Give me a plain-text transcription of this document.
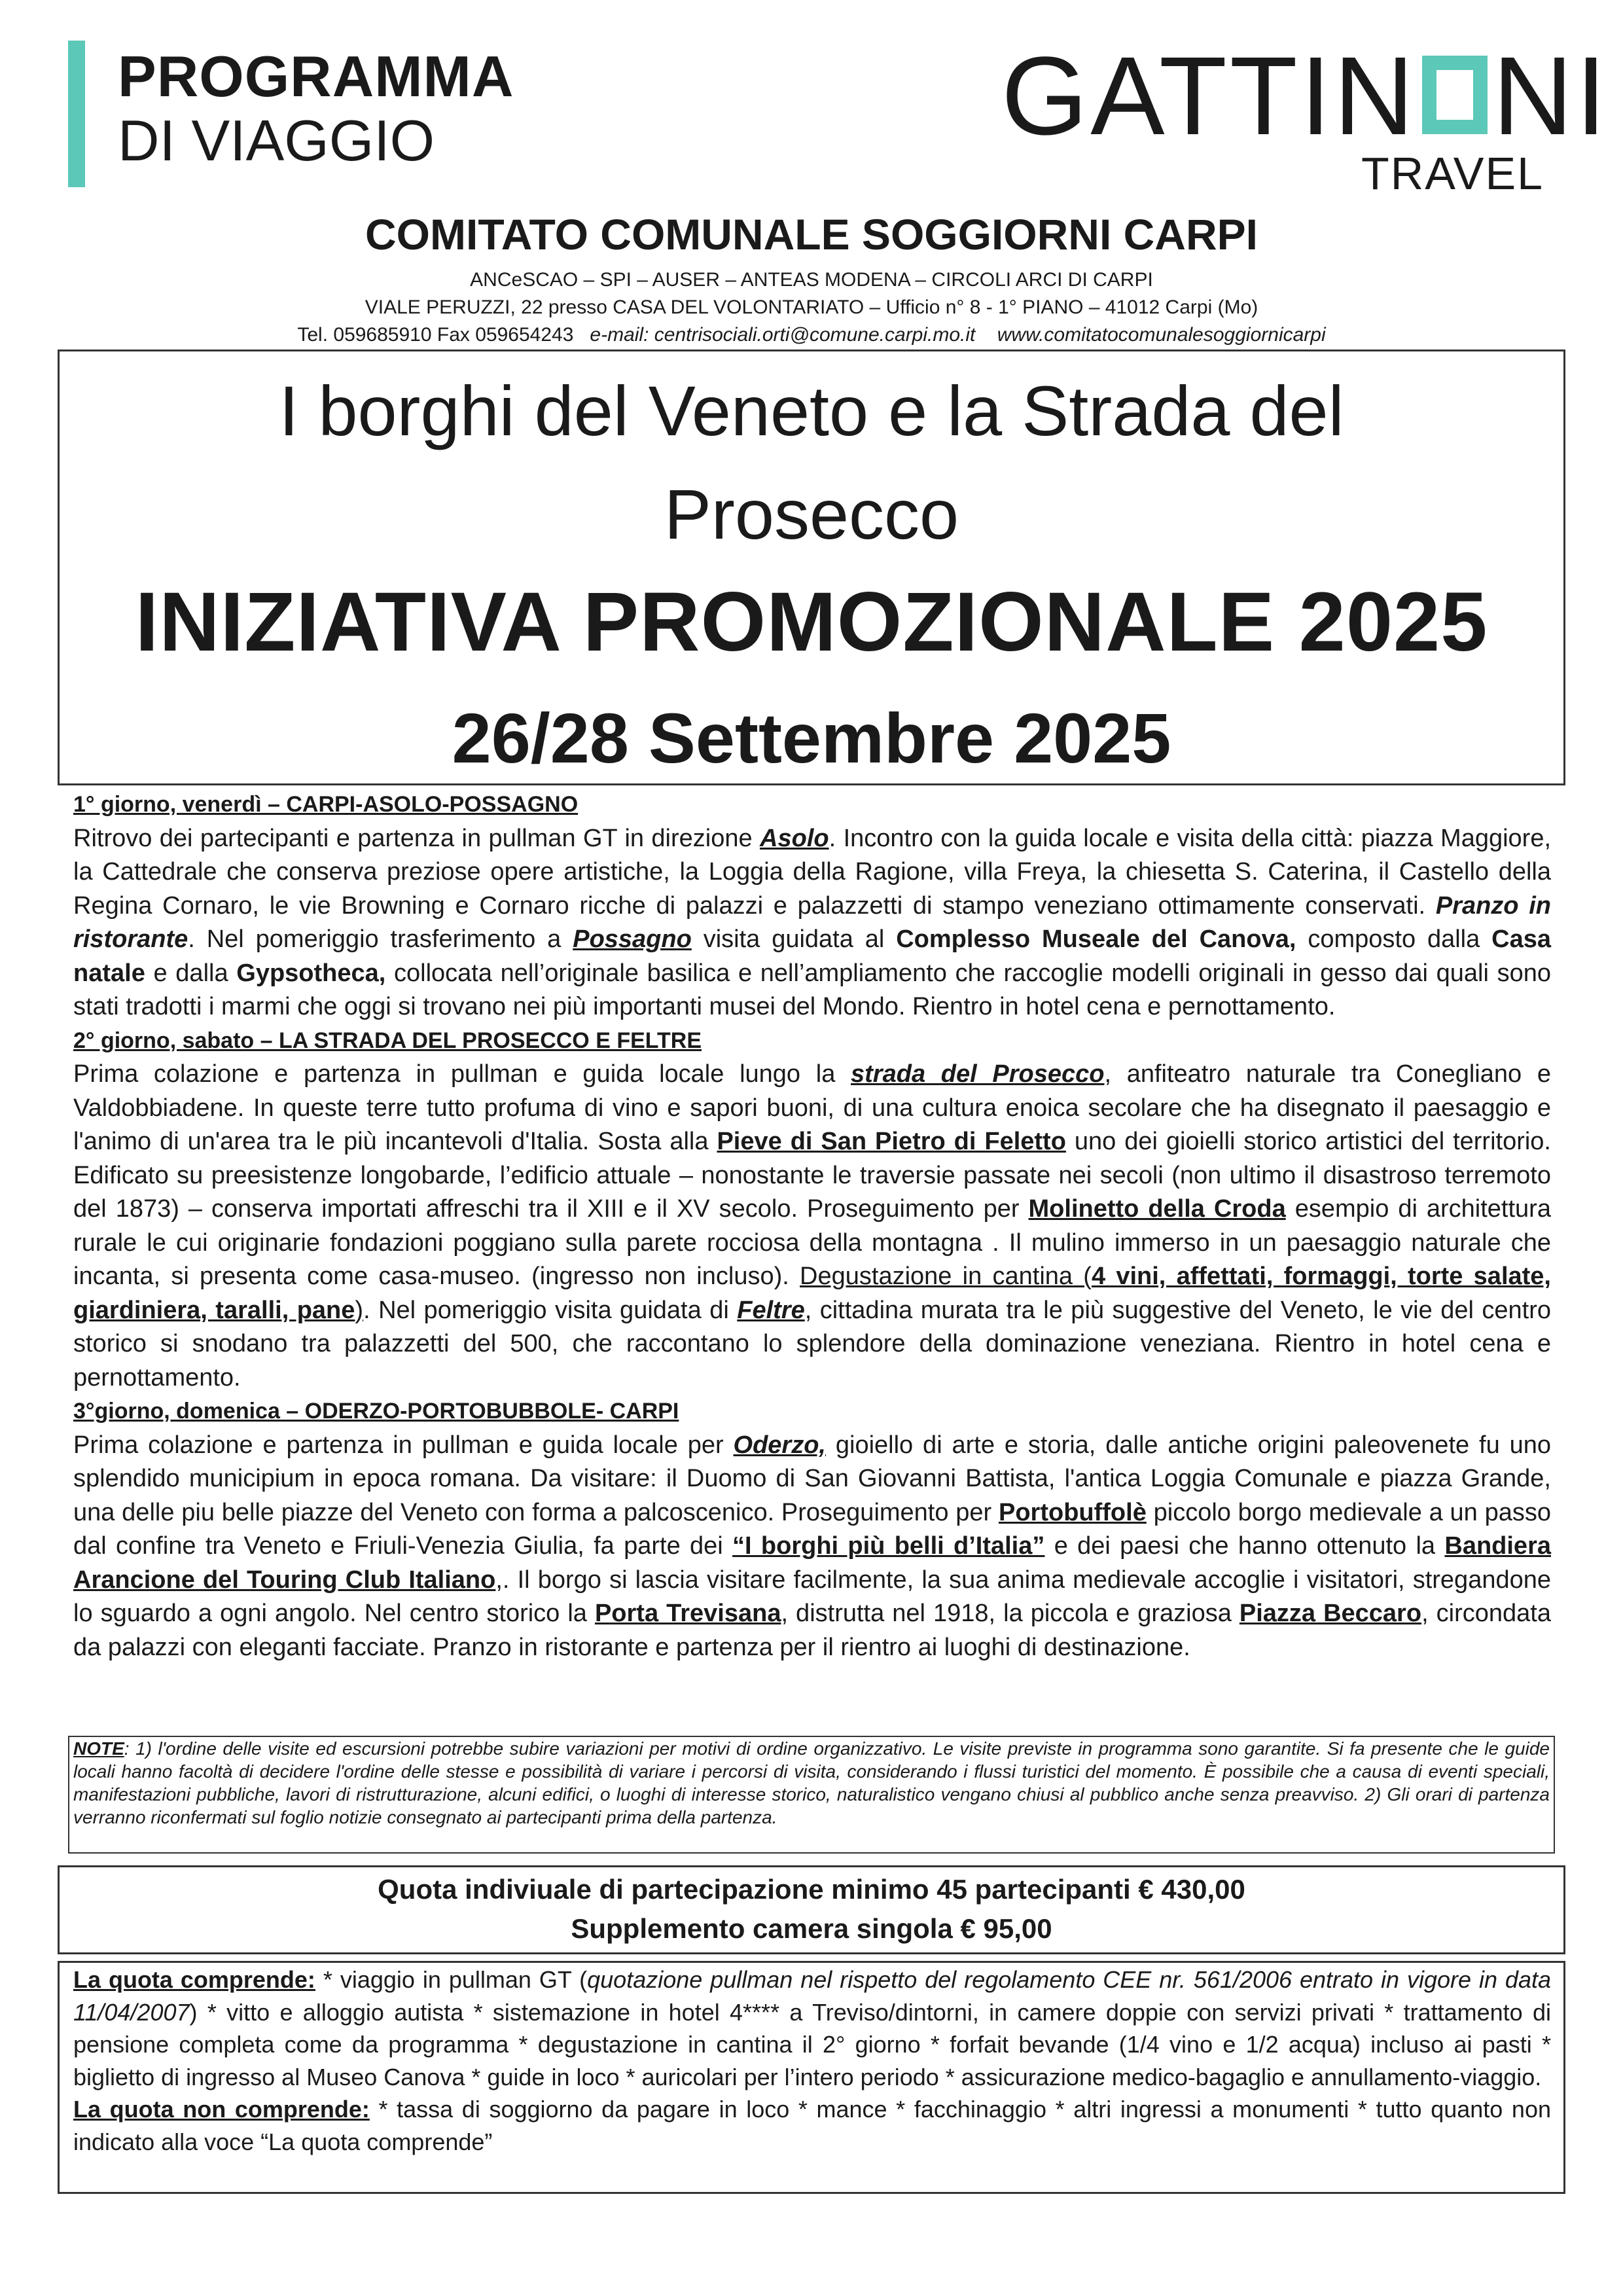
PROGRAMMA
DI VIAGGIO	GATTIN NI
TRAVEL
COMITATO COMUNALE SOGGIORNI CARPI
ANCeSCAO – SPI – AUSER – ANTEAS MODENA – CIRCOLI ARCI DI CARPI
VIALE PERUZZI, 22 presso CASA DEL VOLONTARIATO – Ufficio n° 8 - 1° PIANO – 41012 Carpi (Mo)
Tel. 059685910 Fax 059654243 e-mail: centrisociali.orti@comune.carpi.mo.it www.comitatocomunalesoggiornicarpi
I borghi del Veneto e la Strada del
Prosecco
INIZIATIVA PROMOZIONALE 2025
26/28 Settembre 2025

1° giorno, venerdì – CARPI-ASOLO-POSSAGNO

Ritrovo dei partecipanti e partenza in pullman GT in direzione Asolo. Incontro con la guida locale e visita della città: piazza Maggiore, la Cattedrale che conserva preziose opere artistiche, la Loggia della Ragione, villa Freya, la chiesetta S. Caterina, il Castello della Regina Cornaro, le vie Browning e Cornaro ricche di palazzi e palazzetti di stampo veneziano ottimamente conservati. Pranzo in ristorante. Nel pomeriggio trasferimento a Possagno visita guidata al Complesso Museale del Canova, composto dalla Casa natale e dalla Gypsotheca, collocata nell’originale basilica e nell’ampliamento che raccoglie modelli originali in gesso dai quali sono stati tradotti i marmi che oggi si trovano nei più importanti musei del Mondo. Rientro in hotel cena e pernottamento.

2° giorno, sabato – LA STRADA DEL PROSECCO E FELTRE

Prima colazione e partenza in pullman e guida locale lungo la strada del Prosecco, anfiteatro naturale tra Conegliano e Valdobbiadene. In queste terre tutto profuma di vino e sapori buoni, di una cultura enoica secolare che ha disegnato il paesaggio e l'animo di un'area tra le più incantevoli d'Italia. Sosta alla Pieve di San Pietro di Feletto uno dei gioielli storico artistici del territorio. Edificato su preesistenze longobarde, l’edificio attuale – nonostante le traversie passate nei secoli (non ultimo il disastroso terremoto del 1873) – conserva importati affreschi tra il XIII e il XV secolo. Proseguimento per Molinetto della Croda esempio di architettura rurale le cui originarie fondazioni poggiano sulla parete rocciosa della montagna . Il mulino immerso in un paesaggio naturale che incanta, si presenta come casa-museo. (ingresso non incluso). Degustazione in cantina (4 vini, affettati, formaggi, torte salate, giardiniera, taralli, pane). Nel pomeriggio visita guidata di Feltre, cittadina murata tra le più suggestive del Veneto, le vie del centro storico si snodano tra palazzetti del 500, che raccontano lo splendore della dominazione veneziana. Rientro in hotel cena e pernottamento.

3°giorno, domenica – ODERZO-PORTOBUBBOLE- CARPI

Prima colazione e partenza in pullman e guida locale per Oderzo, gioiello di arte e storia, dalle antiche origini paleovenete fu uno splendido municipium in epoca romana. Da visitare: il Duomo di San Giovanni Battista, l'antica Loggia Comunale e piazza Grande, una delle piu belle piazze del Veneto con forma a palcoscenico. Proseguimento per Portobuffolè piccolo borgo medievale a un passo dal confine tra Veneto e Friuli-Venezia Giulia, fa parte dei “I borghi più belli d’Italia” e dei paesi che hanno ottenuto la Bandiera Arancione del Touring Club Italiano,. Il borgo si lascia visitare facilmente, la sua anima medievale accoglie i visitatori, stregandone lo sguardo a ogni angolo. Nel centro storico la Porta Trevisana, distrutta nel 1918, la piccola e graziosa Piazza Beccaro, circondata da palazzi con eleganti facciate. Pranzo in ristorante e partenza per il rientro ai luoghi di destinazione.

NOTE: 1) l'ordine delle visite ed escursioni potrebbe subire variazioni per motivi di ordine organizzativo. Le visite previste in programma sono garantite. Si fa presente che le guide locali hanno facoltà di decidere l'ordine delle stesse e possibilità di variare i percorsi di visita, considerando i flussi turistici del momento. È possibile che a causa di eventi speciali, manifestazioni pubbliche, lavori di ristrutturazione, alcuni edifici, o luoghi di interesse storico, naturalistico vengano chiusi al pubblico anche senza preavviso. 2) Gli orari di partenza verranno riconfermati sul foglio notizie consegnato ai partecipanti prima della partenza.
Quota indiviuale di partecipazione minimo 45 partecipanti € 430,00
Supplemento camera singola € 95,00

La quota comprende: * viaggio in pullman GT (quotazione pullman nel rispetto del regolamento CEE nr. 561/2006 entrato in vigore in data 11/04/2007) * vitto e alloggio autista * sistemazione in hotel 4**** a Treviso/dintorni, in camere doppie con servizi privati * trattamento di pensione completa come da programma * degustazione in cantina il 2° giorno * forfait bevande (1/4 vino e 1/2 acqua) incluso ai pasti * biglietto di ingresso al Museo Canova * guide in loco * auricolari per l’intero periodo * assicurazione medico-bagaglio e annullamento-viaggio.

La quota non comprende: * tassa di soggiorno da pagare in loco * mance * facchinaggio * altri ingressi a monumenti * tutto quanto non indicato alla voce “La quota comprende”
